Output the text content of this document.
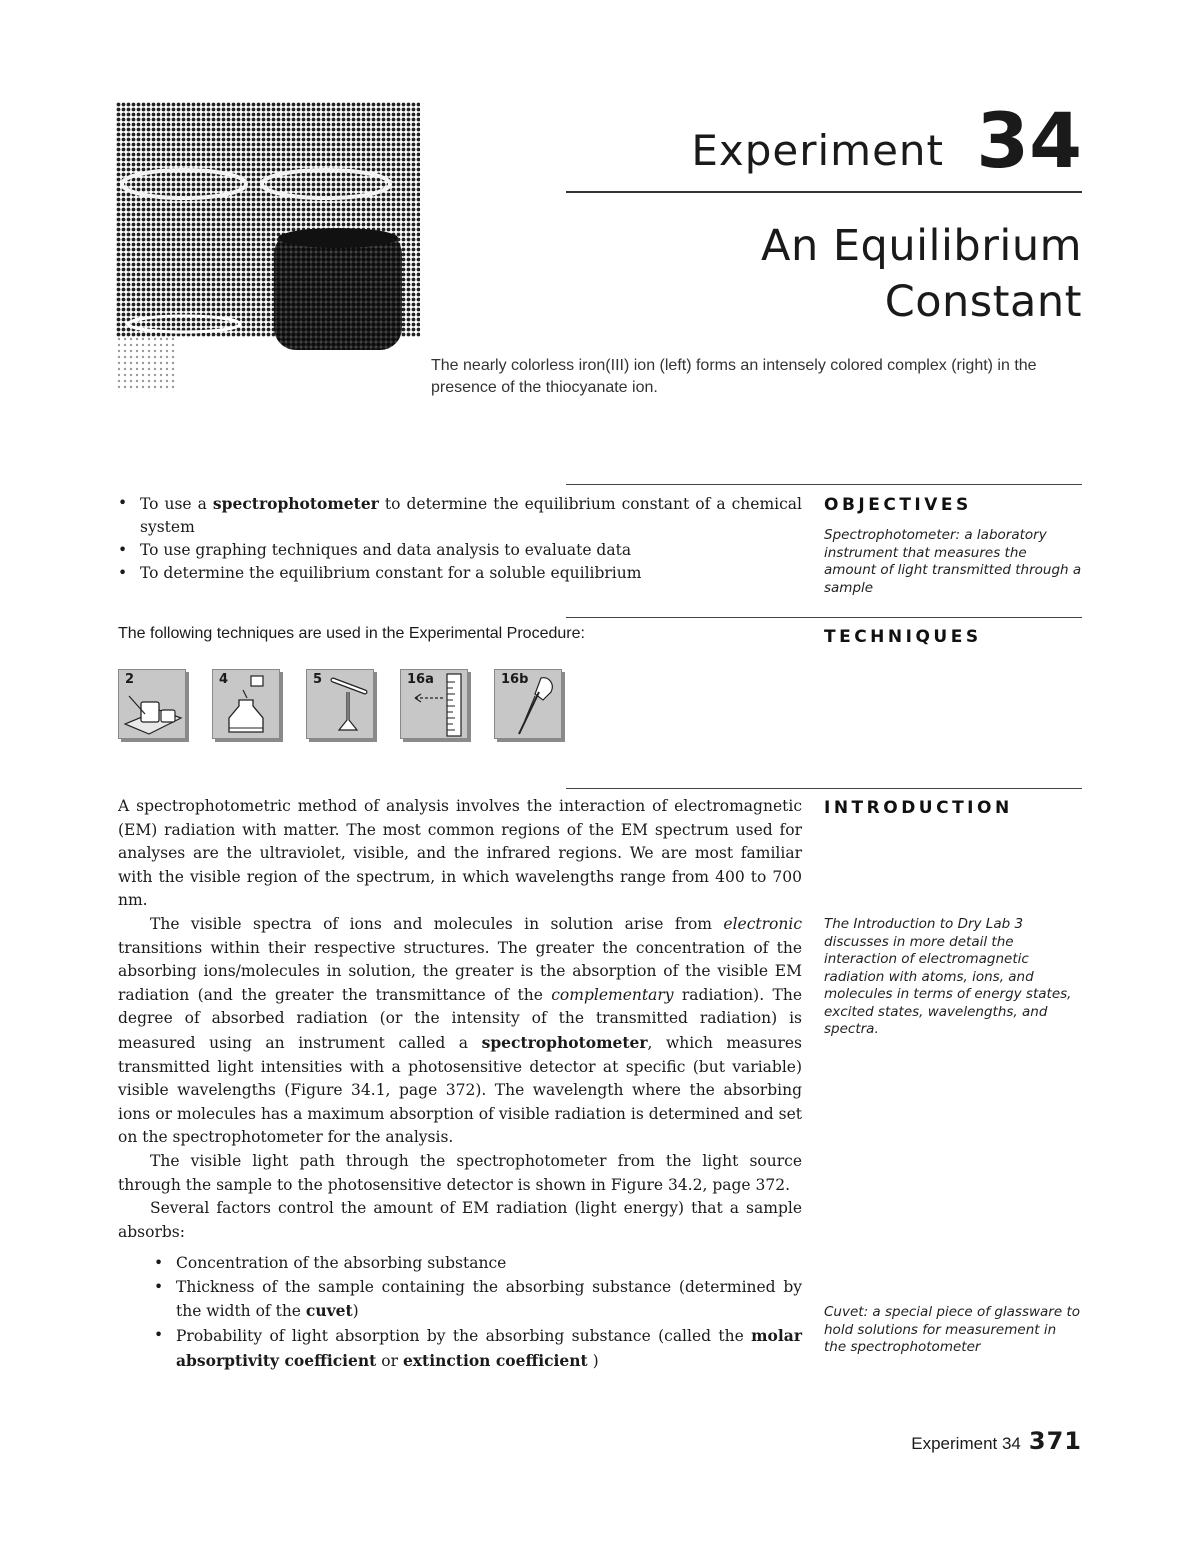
Experiment 34
An Equilibrium
Constant
The nearly colorless iron(III) ion (left) forms an intensely colored complex (right) in the presence of the thiocyanate ion.
OBJECTIVES
• To use a spectrophotometer to determine the equilibrium constant of a chemical system
• To use graphing techniques and data analysis to evaluate data
• To determine the equilibrium constant for a soluble equilibrium
Spectrophotometer: a laboratory instrument that measures the amount of light transmitted through a sample
TECHNIQUES
The following techniques are used in the Experimental Procedure:
2	4	5	16a	16b
INTRODUCTION

A spectrophotometric method of analysis involves the interaction of electromagnetic (EM) radiation with matter. The most common regions of the EM spectrum used for analyses are the ultraviolet, visible, and the infrared regions. We are most familiar with the visible region of the spectrum, in which wavelengths range from 400 to 700 nm.

The visible spectra of ions and molecules in solution arise from electronic transitions within their respective structures. The greater the concentration of the absorbing ions/molecules in solution, the greater is the absorption of the visible EM radiation (and the greater the transmittance of the complementary radiation). The degree of absorbed radiation (or the intensity of the transmitted radiation) is measured using an instrument called a spectrophotometer, which measures transmitted light intensities with a photosensitive detector at specific (but variable) visible wavelengths (Figure 34.1, page 372). The wavelength where the absorbing ions or molecules has a maximum absorption of visible radiation is determined and set on the spectrophotometer for the analysis.

The visible light path through the spectrophotometer from the light source through the sample to the photosensitive detector is shown in Figure 34.2, page 372.

Several factors control the amount of EM radiation (light energy) that a sample absorbs:

• Concentration of the absorbing substance
• Thickness of the sample containing the absorbing substance (determined by the width of the cuvet)
• Probability of light absorption by the absorbing substance (called the molar absorptivity coefficient or extinction coefficient )
The Introduction to Dry Lab 3 discusses in more detail the interaction of electromagnetic radiation with atoms, ions, and molecules in terms of energy states, excited states, wavelengths, and spectra.
Cuvet: a special piece of glassware to hold solutions for measurement in the spectrophotometer
Experiment 34 371
